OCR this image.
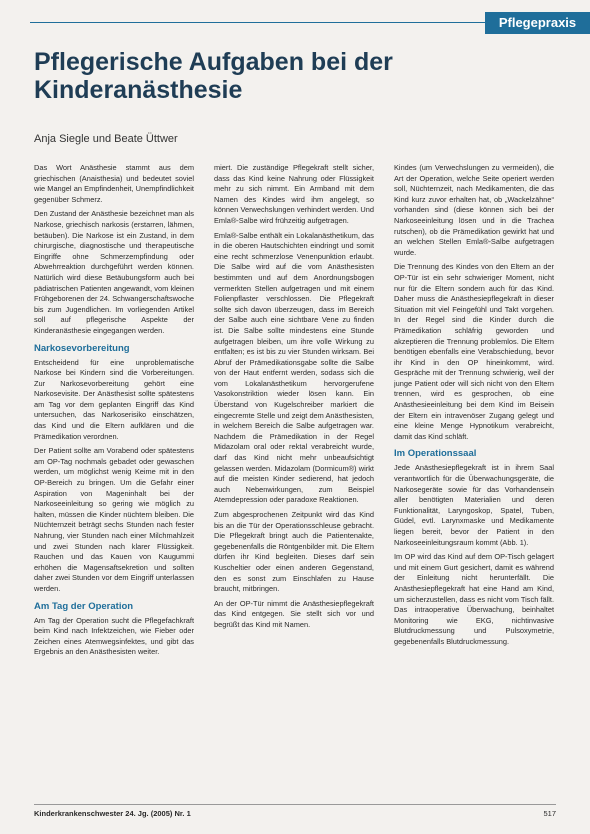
Pflegepraxis
Pflegerische Aufgaben bei der Kinderanästhesie
Anja Siegle und Beate Üttwer

Das Wort Anästhesie stammt aus dem griechischen (Anaisthesia) und bedeutet soviel wie Mangel an Empfindenheit, Unempfindlichkeit gegenüber Schmerz.

Den Zustand der Anästhesie bezeichnet man als Narkose, griechisch narkosis (erstarren, lähmen, betäuben). Die Narkose ist ein Zustand, in dem chirurgische, diagnostische und therapeutische Eingriffe ohne Schmerzempfindung oder Abwehrreaktion durchgeführt werden können. Natürlich wird diese Betäubungsform auch bei pädiatrischen Patienten angewandt, vom kleinen Frühgeborenen der 24. Schwangerschaftswoche bis zum Jugendlichen. Im vorliegenden Artikel soll auf pflegerische Aspekte der Kinderanästhesie eingegangen werden.

Narkosevorbereitung

Entscheidend für eine unproblematische Narkose bei Kindern sind die Vorbereitungen. Zur Narkosevorbereitung gehört eine Narkosevisite. Der Anästhesist sollte spätestens am Tag vor dem geplanten Eingriff das Kind untersuchen, das Narkoserisiko einschätzen, das Kind und die Eltern aufklären und die Prämedikation verordnen.

Der Patient sollte am Vorabend oder spätestens am OP-Tag nochmals gebadet oder gewaschen werden, um möglichst wenig Keime mit in den OP-Bereich zu bringen. Um die Gefahr einer Aspiration von Mageninhalt bei der Narkoseeinleitung so gering wie möglich zu halten, müssen die Kinder nüchtern bleiben. Die Nüchternzeit beträgt sechs Stunden nach fester Nahrung, vier Stunden nach einer Milchmahlzeit und zwei Stunden nach klarer Flüssigkeit. Rauchen und das Kauen von Kaugummi erhöhen die Magensaftsekretion und sollten daher zwei Stunden vor dem Eingriff unterlassen werden.

Am Tag der Operation

Am Tag der Operation sucht die Pflegefachkraft beim Kind nach Infektzeichen, wie Fieber oder Zeichen eines Atemwegsinfektes, und gibt das Ergebnis an den Anästhesisten weiter.

miert. Die zuständige Pflegekraft stellt sicher, dass das Kind keine Nahrung oder Flüssigkeit mehr zu sich nimmt. Ein Armband mit dem Namen des Kindes wird ihm angelegt, so können Verwechslungen verhindert werden. Und Emla®-Salbe wird frühzeitig aufgetragen.

Emla®-Salbe enthält ein Lokalanästhetikum, das in die oberen Hautschichten eindringt und somit eine recht schmerzlose Venenpunktion erlaubt. Die Salbe wird auf die vom Anästhesisten bestimmten und auf dem Anordnungsbogen vermerkten Stellen aufgetragen und mit einem Folienpflaster verschlossen. Die Pflegekraft sollte sich davon überzeugen, dass im Bereich der Salbe auch eine sichtbare Vene zu finden ist. Die Salbe sollte mindestens eine Stunde aufgetragen bleiben, um ihre volle Wirkung zu entfalten; es ist bis zu vier Stunden wirksam. Bei Abruf der Prämedikationsgabe sollte die Salbe von der Haut entfernt werden, sodass sich die vom Lokalanästhetikum hervorgerufene Vasokonstriktion wieder lösen kann. Ein Überstand von Kugelschreiber markiert die eingecremte Stelle und zeigt dem Anästhesisten, in welchem Bereich die Salbe aufgetragen war. Nachdem die Prämedikation in der Regel Midazolam oral oder rektal verabreicht wurde, darf das Kind nicht mehr unbeaufsichtigt gelassen werden. Midazolam (Dormicum®) wirkt auf die meisten Kinder sedierend, hat jedoch auch Nebenwirkungen, zum Beispiel Atemdepression oder paradoxe Reaktionen.

Zum abgesprochenen Zeitpunkt wird das Kind bis an die Tür der Operationsschleuse gebracht. Die Pflegekraft bringt auch die Patientenakte, gegebenenfalls die Röntgenbilder mit. Die Eltern dürfen ihr Kind begleiten. Dieses darf sein Kuscheltier oder einen anderen Gegenstand, den es sonst zum Einschlafen zu Hause braucht, mitbringen.

An der OP-Tür nimmt die Anästhesiepflegekraft das Kind entgegen. Sie stellt sich vor und begrüßt das Kind mit Namen.

Kindes (um Verwechslungen zu vermeiden), die Art der Operation, welche Seite operiert werden soll, Nüchternzeit, nach Medikamenten, die das Kind kurz zuvor erhalten hat, ob „Wackelzähne“ vorhanden sind (diese können sich bei der Narkoseeinleitung lösen und in die Trachea rutschen), ob die Prämedikation gewirkt hat und an welchen Stellen Emla®-Salbe aufgetragen wurde.

Die Trennung des Kindes von den Eltern an der OP-Tür ist ein sehr schwieriger Moment, nicht nur für die Eltern sondern auch für das Kind. Daher muss die Anästhesiepflegekraft in dieser Situation mit viel Feingefühl und Takt vorgehen. In der Regel sind die Kinder durch die Prämedikation schläfrig geworden und akzeptieren die Trennung problemlos. Die Eltern benötigen ebenfalls eine Verabschiedung, bevor ihr Kind in den OP hineinkommt, wird. Gespräche mit der Trennung schwierig, weil der junge Patient oder will sich nicht von den Eltern trennen, wird es gesprochen, ob eine Anästhesieeinleitung bei dem Kind im Beisein der Eltern ein intravenöser Zugang gelegt und eine kleine Menge Hypnotikum verabreicht, damit das Kind schläft.

Im Operationssaal

Jede Anästhesiepflegekraft ist in ihrem Saal verantwortlich für die Überwachungsgeräte, die Narkosegeräte sowie für das Vorhandensein aller benötigten Materialien und deren Funktionalität, Laryngoskop, Spatel, Tuben, Güdel, evtl. Larynxmaske und Medikamente liegen bereit, bevor der Patient in den Narkoseeinleitungsraum kommt (Abb. 1).

Im OP wird das Kind auf dem OP-Tisch gelagert und mit einem Gurt gesichert, damit es während der Einleitung nicht herunterfällt. Die Anästhesiepflegekraft hat eine Hand am Kind, um sicherzustellen, dass es nicht vom Tisch fällt. Das intraoperative Überwachung, beinhaltet Monitoring wie EKG, nichtinvasive Blutdruckmessung und Pulsoxymetrie, gegebenenfalls Blutdruckmessung.

Kinderkrankenschwester 24. Jg. (2005) Nr. 1	517
